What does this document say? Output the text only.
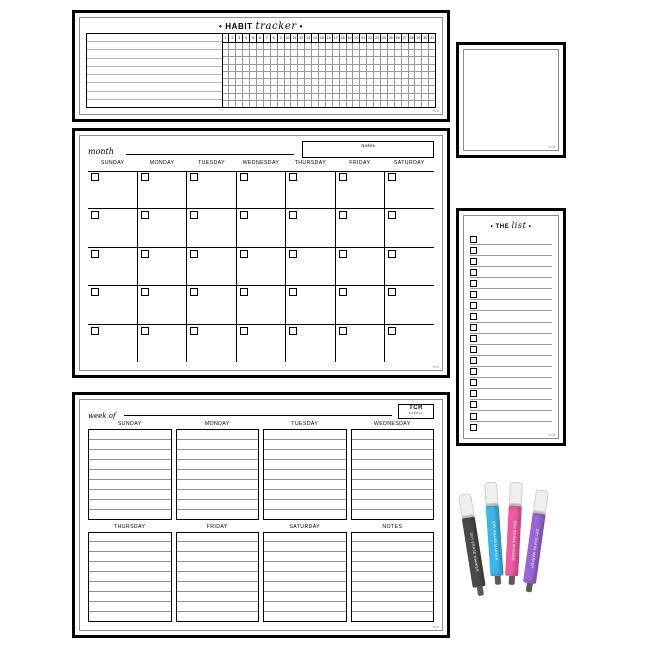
• HABIT tracker •
1	2	3	4	5	6	7	8	9	10 11 12 13 14 15 16 17 18 19 20 21 22 23 24 25 26 27 28 29 30 31
TCR
month
notes
SUNDAY	MONDAY	TUESDAY	WEDNESDAY	THURSDAY	FRIDAY	SATURDAY
TCR
week of
TCR
SUPPLY
SUNDAY	MONDAY	TUESDAY	WEDNESDAY
THURSDAY	FRIDAY	SATURDAY	NOTES
TCR
TCR
• THE list •
TCR
DRY ERASE MARKER	DRY ERASE MARKER	DRY ERASE MARKER	DRY ERASE MARKER
